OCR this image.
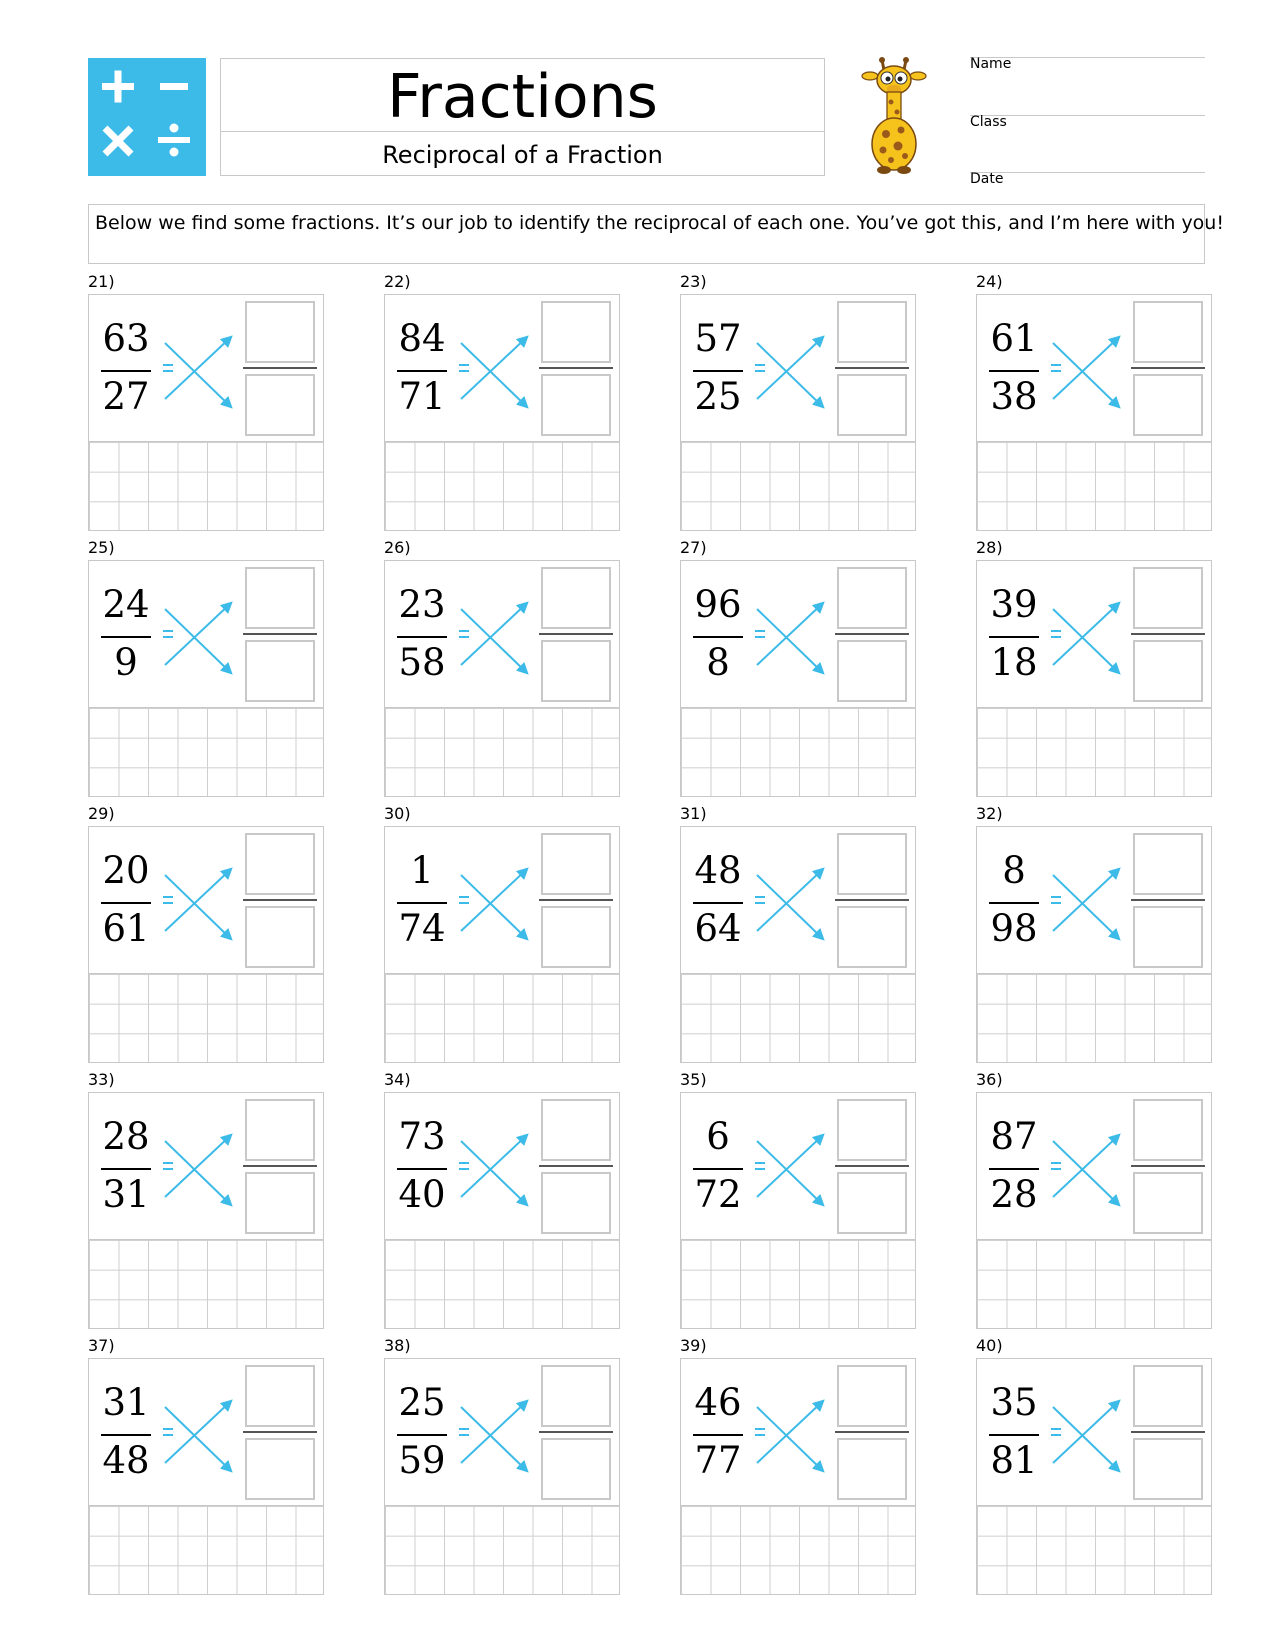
Fractions
Reciprocal of a Fraction
Name
Class
Date
Below we find some fractions. It’s our job to identify the reciprocal of each one. You’ve got this, and I’m here with you!
21)
63
27
22)
84
71
23)
57
25
24)
61
38
25)
24
9
26)
23
58
27)
96
8
28)
39
18
29)
20
61
30)
1
74
31)
48
64
32)
8
98
33)
28
31
34)
73
40
35)
6
72
36)
87
28
37)
31
48
38)
25
59
39)
46
77
40)
35
81
